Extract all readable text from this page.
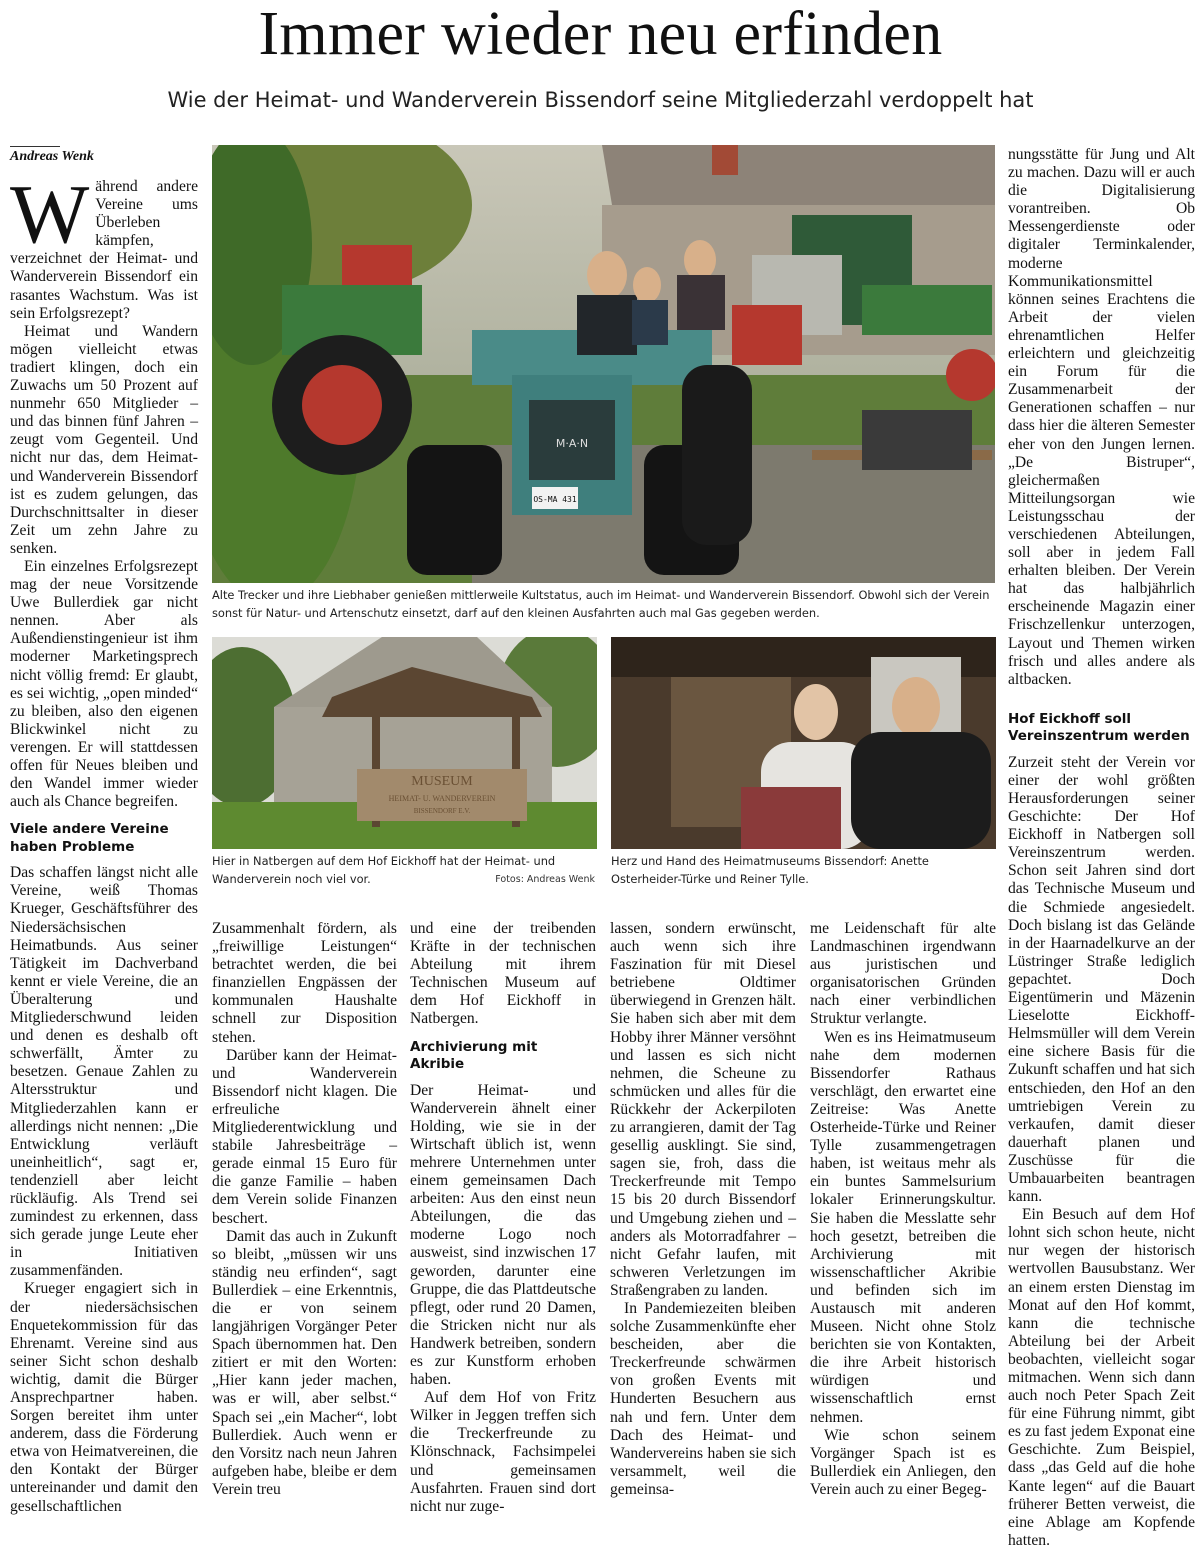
Immer wieder neu erfinden
Wie der Heimat- und Wanderverein Bissendorf seine Mitgliederzahl verdoppelt hat
Andreas Wenk

Während andere Vereine ums Überleben kämpfen, verzeichnet der Heimat- und Wanderverein Bissendorf ein rasantes Wachstum. Was ist sein Erfolgsrezept?

Heimat und Wandern mögen vielleicht etwas tradiert klingen, doch ein Zuwachs um 50 Prozent auf nunmehr 650 Mitglieder – und das binnen fünf Jahren – zeugt vom Gegenteil. Und nicht nur das, dem Heimat- und Wanderverein Bissendorf ist es zudem gelungen, das Durchschnittsalter in dieser Zeit um zehn Jahre zu senken.

Ein einzelnes Erfolgsrezept mag der neue Vorsitzende Uwe Bullerdiek gar nicht nennen. Aber als Außendienstingenieur ist ihm moderner Marketingsprech nicht völlig fremd: Er glaubt, es sei wichtig, „open minded“ zu bleiben, also den eigenen Blickwinkel nicht zu verengen. Er will stattdessen offen für Neues bleiben und den Wandel immer wieder auch als Chance begreifen.

Viele andere Vereine haben Probleme

Das schaffen längst nicht alle Vereine, weiß Thomas Krueger, Geschäftsführer des Niedersächsischen Heimatbunds. Aus seiner Tätigkeit im Dachverband kennt er viele Vereine, die an Überalterung und Mitgliederschwund leiden und denen es deshalb oft schwerfällt, Ämter zu besetzen. Genaue Zahlen zu Altersstruktur und Mitgliederzahlen kann er allerdings nicht nennen: „Die Entwicklung verläuft uneinheitlich“, sagt er, tendenziell aber leicht rückläufig. Als Trend sei zumindest zu erkennen, dass sich gerade junge Leute eher in Initiativen zusammenfänden.

Krueger engagiert sich in der niedersächsischen Enquetekommission für das Ehrenamt. Vereine sind aus seiner Sicht schon deshalb wichtig, damit die Bürger Ansprechpartner haben. Sorgen bereitet ihm unter anderem, dass die Förderung etwa von Heimatvereinen, die den Kontakt der Bürger untereinander und damit den gesellschaftlichen

M·A·N
OS-MA 431
Alte Trecker und ihre Liebhaber genießen mittlerweile Kultstatus, auch im Heimat- und Wanderverein Bissendorf. Obwohl sich der Verein sonst für Natur- und Artenschutz einsetzt, darf auf den kleinen Ausfahrten auch mal Gas gegeben werden.
MUSEUM
HEIMAT- U. WANDERVEREIN
BISSENDORF E.V.
Hier in Natbergen auf dem Hof Eickhoff hat der Heimat- und Wanderverein noch viel vor.	Fotos: Andreas Wenk
Herz und Hand des Heimatmuseums Bissendorf: Anette Osterheider-Türke und Reiner Tylle.

Zusammenhalt fördern, als „freiwillige Leistungen“ betrachtet werden, die bei finanziellen Engpässen der kommunalen Haushalte schnell zur Disposition stehen.

Darüber kann der Heimat- und Wanderverein Bissendorf nicht klagen. Die erfreuliche Mitgliederentwicklung und stabile Jahresbeiträge – gerade einmal 15 Euro für die ganze Familie – haben dem Verein solide Finanzen beschert.

Damit das auch in Zukunft so bleibt, „müssen wir uns ständig neu erfinden“, sagt Bullerdiek – eine Erkenntnis, die er von seinem langjährigen Vorgänger Peter Spach übernommen hat. Den zitiert er mit den Worten: „Hier kann jeder machen, was er will, aber selbst.“ Spach sei „ein Macher“, lobt Bullerdiek. Auch wenn er den Vorsitz nach neun Jahren aufgeben habe, bleibe er dem Verein treu

und eine der treibenden Kräfte in der technischen Abteilung mit ihrem Technischen Museum auf dem Hof Eickhoff in Natbergen.

Archivierung mit Akribie

Der Heimat- und Wanderverein ähnelt einer Holding, wie sie in der Wirtschaft üblich ist, wenn mehrere Unternehmen unter einem gemeinsamen Dach arbeiten: Aus den einst neun Abteilungen, die das moderne Logo noch ausweist, sind inzwischen 17 geworden, darunter eine Gruppe, die das Plattdeutsche pflegt, oder rund 20 Damen, die Stricken nicht nur als Handwerk betreiben, sondern es zur Kunstform erhoben haben.

Auf dem Hof von Fritz Wilker in Jeggen treffen sich die Treckerfreunde zu Klönschnack, Fachsimpelei und gemeinsamen Ausfahrten. Frauen sind dort nicht nur zuge-

lassen, sondern erwünscht, auch wenn sich ihre Faszination für mit Diesel betriebene Oldtimer überwiegend in Grenzen hält. Sie haben sich aber mit dem Hobby ihrer Männer versöhnt und lassen es sich nicht nehmen, die Scheune zu schmücken und alles für die Rückkehr der Ackerpiloten zu arrangieren, damit der Tag gesellig ausklingt. Sie sind, sagen sie, froh, dass die Treckerfreunde mit Tempo 15 bis 20 durch Bissendorf und Umgebung ziehen und – anders als Motorradfahrer – nicht Gefahr laufen, mit schweren Verletzungen im Straßengraben zu landen.

In Pandemiezeiten bleiben solche Zusammenkünfte eher bescheiden, aber die Treckerfreunde schwärmen von großen Events mit Hunderten Besuchern aus nah und fern. Unter dem Dach des Heimat- und Wandervereins haben sie sich versammelt, weil die gemeinsa-

me Leidenschaft für alte Landmaschinen irgendwann aus juristischen und organisatorischen Gründen nach einer verbindlichen Struktur verlangte.

Wen es ins Heimatmuseum nahe dem modernen Bissendorfer Rathaus verschlägt, den erwartet eine Zeitreise: Was Anette Osterheide-Türke und Reiner Tylle zusammengetragen haben, ist weitaus mehr als ein buntes Sammelsurium lokaler Erinnerungskultur. Sie haben die Messlatte sehr hoch gesetzt, betreiben die Archivierung mit wissenschaftlicher Akribie und befinden sich im Austausch mit anderen Museen. Nicht ohne Stolz berichten sie von Kontakten, die ihre Arbeit historisch würdigen und wissenschaftlich ernst nehmen.

Wie schon seinem Vorgänger Spach ist es Bullerdiek ein Anliegen, den Verein auch zu einer Begeg-

nungsstätte für Jung und Alt zu machen. Dazu will er auch die Digitalisierung vorantreiben. Ob Messengerdienste oder digitaler Terminkalender, moderne Kommunikationsmittel können seines Erachtens die Arbeit der vielen ehrenamtlichen Helfer erleichtern und gleichzeitig ein Forum für die Zusammenarbeit der Generationen schaffen – nur dass hier die älteren Semester eher von den Jungen lernen. „De Bistruper“, gleichermaßen Mitteilungsorgan wie Leistungsschau der verschiedenen Abteilungen, soll aber in jedem Fall erhalten bleiben. Der Verein hat das halbjährlich erscheinende Magazin einer Frischzellenkur unterzogen, Layout und Themen wirken frisch und alles andere als altbacken.

Hof Eickhoff soll Vereinszentrum werden

Zurzeit steht der Verein vor einer der wohl größten Herausforderungen seiner Geschichte: Der Hof Eickhoff in Natbergen soll Vereinszentrum werden. Schon seit Jahren sind dort das Technische Museum und die Schmiede angesiedelt. Doch bislang ist das Gelände in der Haarnadelkurve an der Lüstringer Straße lediglich gepachtet. Doch Eigentümerin und Mäzenin Lieselotte Eickhoff-Helmsmüller will dem Verein eine sichere Basis für die Zukunft schaffen und hat sich entschieden, den Hof an den umtriebigen Verein zu verkaufen, damit dieser dauerhaft planen und Zuschüsse für die Umbauarbeiten beantragen kann.

Ein Besuch auf dem Hof lohnt sich schon heute, nicht nur wegen der historisch wertvollen Bausubstanz. Wer an einem ersten Dienstag im Monat auf den Hof kommt, kann die technische Abteilung bei der Arbeit beobachten, vielleicht sogar mitmachen. Wenn sich dann auch noch Peter Spach Zeit für eine Führung nimmt, gibt es zu fast jedem Exponat eine Geschichte. Zum Beispiel, dass „das Geld auf die hohe Kante legen“ auf die Bauart früherer Betten verweist, die eine Ablage am Kopfende hatten.
